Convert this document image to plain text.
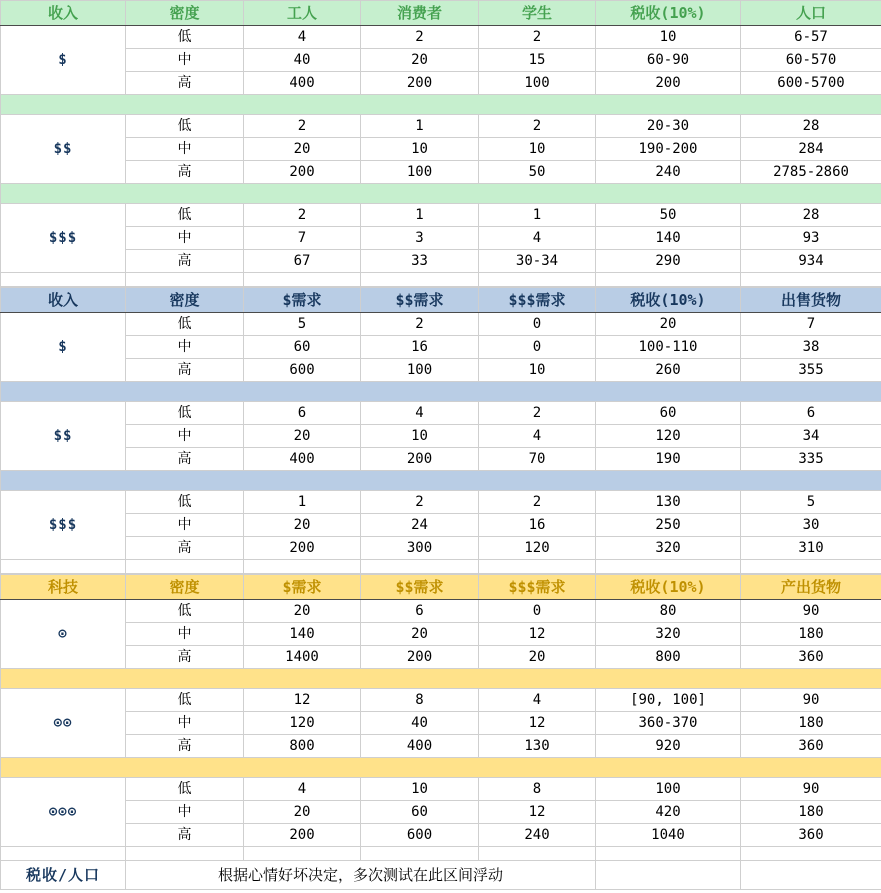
收入	密度	工人	消费者	学生	税收(10%)	人口
$	低	4	2	2	10	6-57
	中	40	20	15	60-90	60-570
	高	400	200	100	200	600-5700

$$	低	2	1	2	20-30	28
	中	20	10	10	190-200	284
	高	200	100	50	240	2785-2860

$$$	低	2	1	1	50	28
	中	7	3	4	140	93
	高	67	33	30-34	290	934

收入	密度	$需求	$$需求	$$$需求	税收(10%)	出售货物
$	低	5	2	0	20	7
	中	60	16	0	100-110	38
	高	600	100	10	260	355

$$	低	6	4	2	60	6
	中	20	10	4	120	34
	高	400	200	70	190	335

$$$	低	1	2	2	130	5
	中	20	24	16	250	30
	高	200	300	120	320	310

科技	密度	$需求	$$需求	$$$需求	税收(10%)	产出货物
⊙	低	20	6	0	80	90
	中	140	20	12	320	180
	高	1400	200	20	800	360

⊙⊙	低	12	8	4	[90, 100]	90
	中	120	40	12	360-370	180
	高	800	400	130	920	360

⊙⊙⊙	低	4	10	8	100	90
	中	20	60	12	420	180
	高	200	600	240	1040	360

税收/人口	根据心情好坏决定，多次测试在此区间浮动					
